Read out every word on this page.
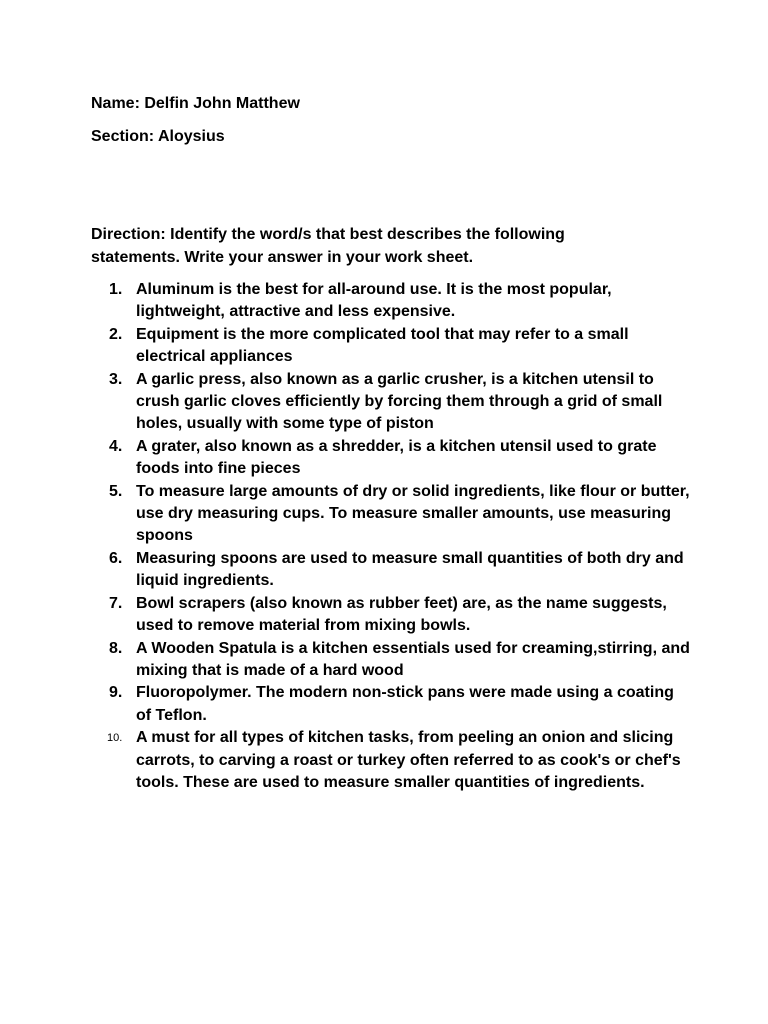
Name: Delfin John Matthew

Section: Aloysius

Direction: Identify the word/s that best describes the following statements. Write your answer in your work sheet.

1. Aluminum is the best for all-around use. It is the most popular, lightweight, attractive and less expensive.
2. Equipment is the more complicated tool that may refer to a small electrical appliances
3. A garlic press, also known as a garlic crusher, is a kitchen utensil to crush garlic cloves efficiently by forcing them through a grid of small holes, usually with some type of piston
4. A grater, also known as a shredder, is a kitchen utensil used to grate foods into fine pieces
5. To measure large amounts of dry or solid ingredients, like flour or butter, use dry measuring cups. To measure smaller amounts, use measuring spoons
6. Measuring spoons are used to measure small quantities of both dry and liquid ingredients.
7. Bowl scrapers (also known as rubber feet) are, as the name suggests, used to remove material from mixing bowls.
8. A Wooden Spatula is a kitchen essentials used for creaming,stirring, and mixing that is made of a hard wood
9. Fluoropolymer. The modern non-stick pans were made using a coating of Teflon.
10. A must for all types of kitchen tasks, from peeling an onion and slicing carrots, to carving a roast or turkey often referred to as cook's or chef's tools. These are used to measure smaller quantities of ingredients.
